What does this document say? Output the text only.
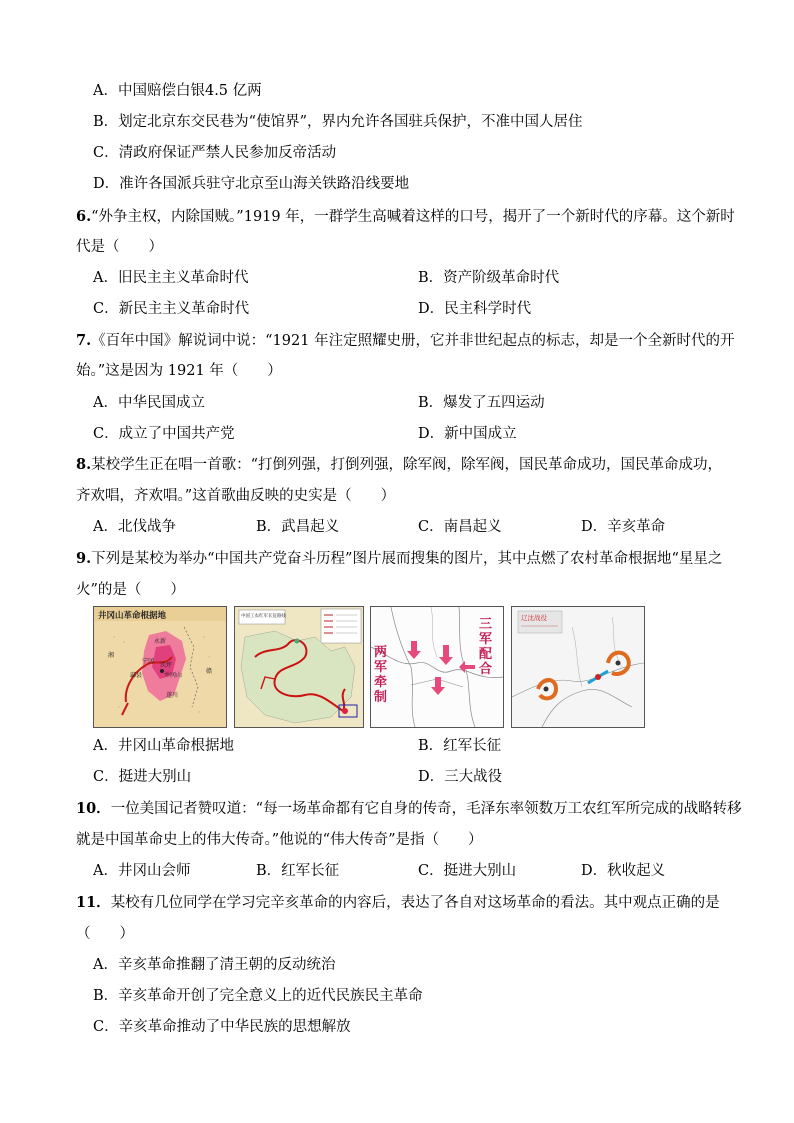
A．中国赔偿白银4.5 亿两
B．划定北京东交民巷为“使馆界”，界内允许各国驻兵保护，不准中国人居住
C．清政府保证严禁人民参加反帝活动
D．准许各国派兵驻守北京至山海关铁路沿线要地
6.“外争主权，内除国贼。”1919 年，一群学生高喊着这样的口号，揭开了一个新时代的序幕。这个新时
代是（　　）
A．旧民主主义革命时代	B．资产阶级革命时代
C．新民主主义革命时代	D．民主科学时代
7.《百年中国》解说词中说：“1921 年注定照耀史册，它并非世纪起点的标志，却是一个全新时代的开
始。”这是因为 1921 年（　　）
A．中华民国成立	B．爆发了五四运动
C．成立了中国共产党	D．新中国成立
8.某校学生正在唱一首歌：“打倒列强，打倒列强，除军阀，除军阀，国民革命成功，国民革命成功，
齐欢唱，齐欢唱。”这首歌曲反映的史实是（　　）
A．北伐战争	B．武昌起义	C．南昌起义	D．辛亥革命
9.下列是某校为举办“中国共产党奋斗历程”图片展而搜集的图片，其中点燃了农村革命根据地“星星之
火”的是（　　）
井冈山革命根据地
永新
宁冈
茨坪
井冈山
遂川
酃县
赣
湘
中国工农红军长征路线
两军牵制
三军配合
辽沈战役
A．井冈山革命根据地	B．红军长征
C．挺进大别山	D．三大战役
10．一位美国记者赞叹道：“每一场革命都有它自身的传奇，毛泽东率领数万工农红军所完成的战略转移
就是中国革命史上的伟大传奇。”他说的“伟大传奇”是指（　　）
A．井冈山会师	B．红军长征	C．挺进大别山	D．秋收起义
11．某校有几位同学在学习完辛亥革命的内容后，表达了各自对这场革命的看法。其中观点正确的是
（　　）
A．辛亥革命推翻了清王朝的反动统治
B．辛亥革命开创了完全意义上的近代民族民主革命
C．辛亥革命推动了中华民族的思想解放
